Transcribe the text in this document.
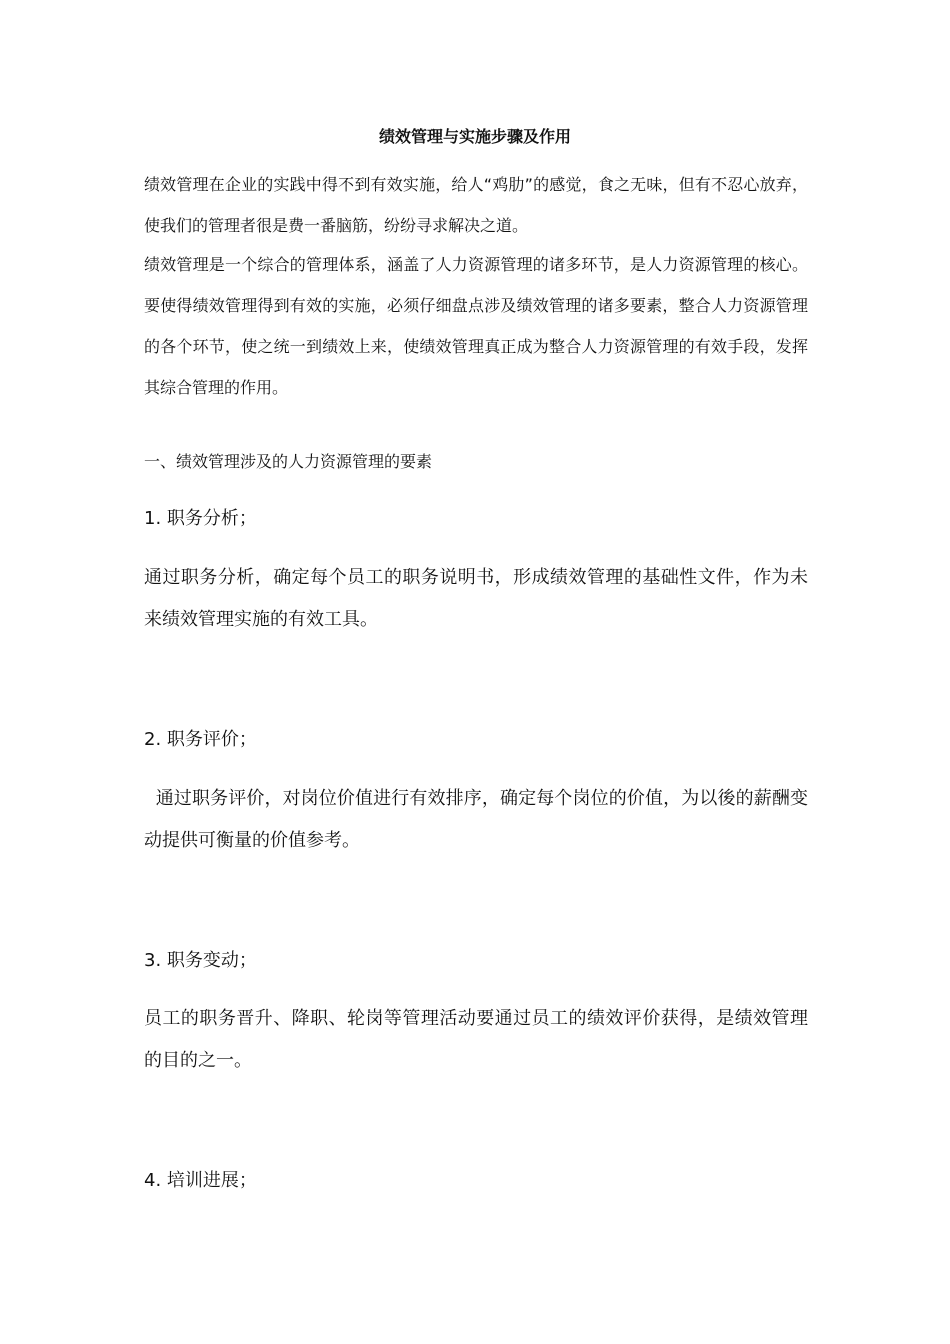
绩效管理与实施步骤及作用
绩效管理在企业的实践中得不到有效实施，给人“鸡肋”的感觉，食之无味，但有不忍心放弃，使我们的管理者很是费一番脑筋，纷纷寻求解决之道。
绩效管理是一个综合的管理体系，涵盖了人力资源管理的诸多环节，是人力资源管理的核心。要使得绩效管理得到有效的实施，必须仔细盘点涉及绩效管理的诸多要素，整合人力资源管理的各个环节，使之统一到绩效上来，使绩效管理真正成为整合人力资源管理的有效手段，发挥其综合管理的作用。
一、绩效管理涉及的人力资源管理的要素
1. 职务分析；
通过职务分析，确定每个员工的职务说明书，形成绩效管理的基础性文件，作为未来绩效管理实施的有效工具。
2. 职务评价；
通过职务评价，对岗位价值进行有效排序，确定每个岗位的价值，为以後的薪酬变动提供可衡量的价值参考。
3. 职务变动；
员工的职务晋升、降职、轮岗等管理活动要通过员工的绩效评价获得，是绩效管理的目的之一。
4. 培训进展；
